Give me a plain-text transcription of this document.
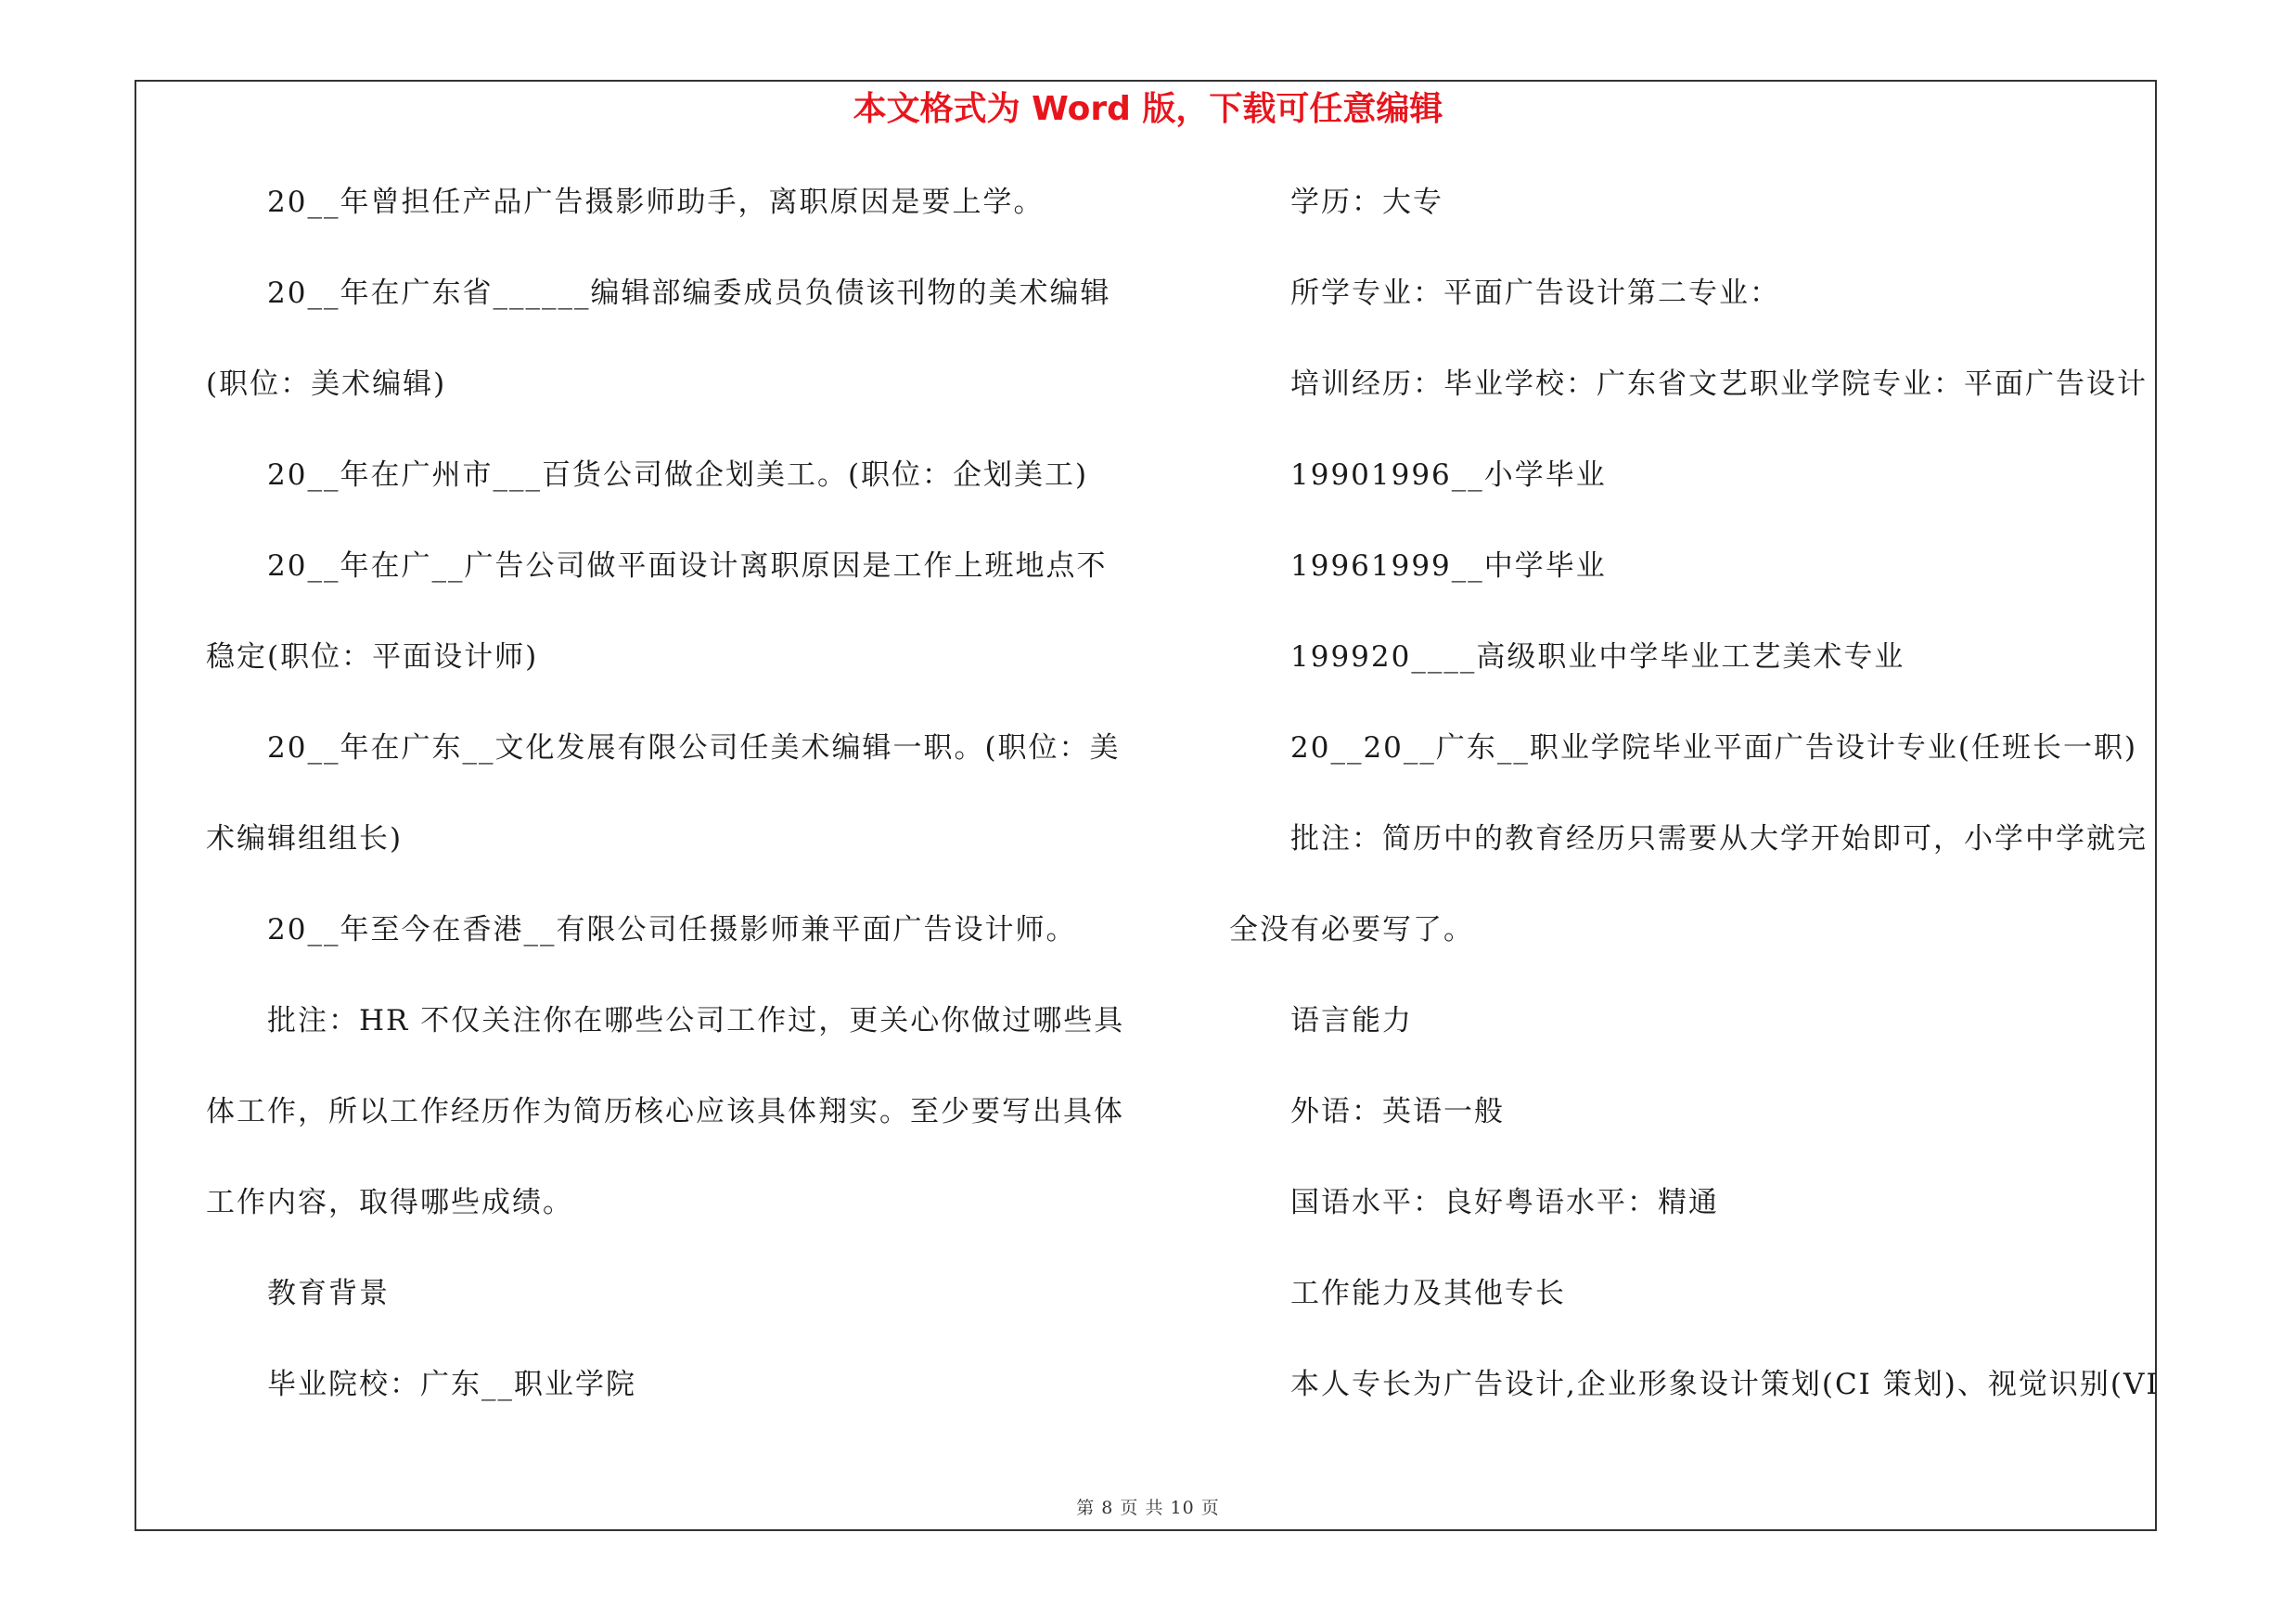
本文格式为 Word 版，下载可任意编辑
20__年曾担任产品广告摄影师助手，离职原因是要上学。
20__年在广东省______编辑部编委成员负债该刊物的美术编辑
(职位：美术编辑)
20__年在广州市___百货公司做企划美工。(职位：企划美工)
20__年在广__广告公司做平面设计离职原因是工作上班地点不
稳定(职位：平面设计师)
20__年在广东__文化发展有限公司任美术编辑一职。(职位：美
术编辑组组长)
20__年至今在香港__有限公司任摄影师兼平面广告设计师。
批注：HR 不仅关注你在哪些公司工作过，更关心你做过哪些具
体工作，所以工作经历作为简历核心应该具体翔实。至少要写出具体
工作内容，取得哪些成绩。
教育背景
毕业院校：广东__职业学院
学历：大专
所学专业：平面广告设计第二专业：
培训经历：毕业学校：广东省文艺职业学院专业：平面广告设计
19901996__小学毕业
19961999__中学毕业
199920____高级职业中学毕业工艺美术专业
20__20__广东__职业学院毕业平面广告设计专业(任班长一职)
批注：简历中的教育经历只需要从大学开始即可，小学中学就完
全没有必要写了。
语言能力
外语：英语一般
国语水平：良好粤语水平：精通
工作能力及其他专长
本人专长为广告设计,企业形象设计策划(CI 策划)、视觉识别(VI
第 8 页 共 10 页
